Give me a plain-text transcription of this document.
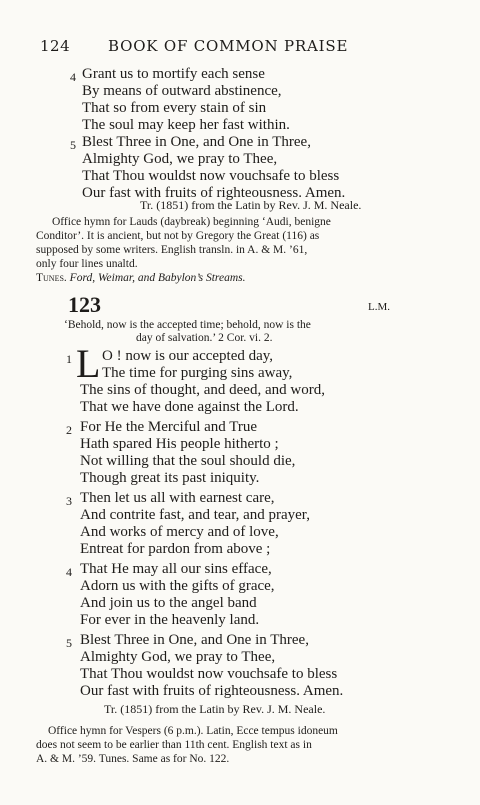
124	BOOK OF COMMON PRAISE
4 Grant us to mortify each sense
By means of outward abstinence,
That so from every stain of sin
The soul may keep her fast within.
5 Blest Three in One, and One in Three,
Almighty God, we pray to Thee,
That Thou wouldst now vouchsafe to bless
Our fast with fruits of righteousness. Amen.
Tr. (1851) from the Latin by Rev. J. M. Neale.
Office hymn for Lauds (daybreak) beginning ‘Audi, benigne
Conditor’. It is ancient, but not by Gregory the Great (116) as
supposed by some writers. English transln. in A. & M. ’61,
only four lines unaltd.
Tunes. Ford, Weimar, and Babylon’s Streams.
123	L.M.
‘Behold, now is the accepted time; behold, now is the
day of salvation.’ 2 Cor. vi. 2.
1 L O ! now is our accepted day,
The time for purging sins away,
The sins of thought, and deed, and word,
That we have done against the Lord.
2 For He the Merciful and True
Hath spared His people hitherto ;
Not willing that the soul should die,
Though great its past iniquity.
3 Then let us all with earnest care,
And contrite fast, and tear, and prayer,
And works of mercy and of love,
Entreat for pardon from above ;
4 That He may all our sins efface,
Adorn us with the gifts of grace,
And join us to the angel band
For ever in the heavenly land.
5 Blest Three in One, and One in Three,
Almighty God, we pray to Thee,
That Thou wouldst now vouchsafe to bless
Our fast with fruits of righteousness. Amen.
Tr. (1851) from the Latin by Rev. J. M. Neale.
Office hymn for Vespers (6 p.m.). Latin, Ecce tempus idoneum
does not seem to be earlier than 11th cent. English text as in
A. & M. ’59. Tunes. Same as for No. 122.
